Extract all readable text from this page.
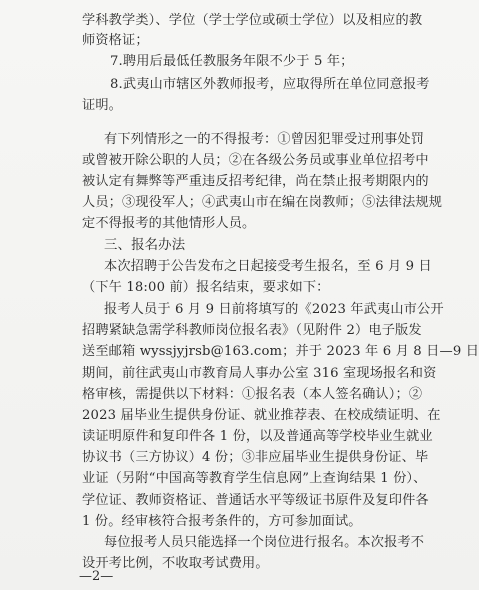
学科教学类）、学位（学士学位或硕士学位）以及相应的教
师资格证；
7.聘用后最低任教服务年限不少于 5 年；
8.武夷山市辖区外教师报考，应取得所在单位同意报考
证明。
有下列情形之一的不得报考：①曾因犯罪受过刑事处罚
或曾被开除公职的人员；②在各级公务员或事业单位招考中
被认定有舞弊等严重违反招考纪律，尚在禁止报考期限内的
人员；③现役军人；④武夷山市在编在岗教师；⑤法律法规规
定不得报考的其他情形人员。
三、报名办法
本次招聘于公告发布之日起接受考生报名，至 6 月 9 日
（下午 18:00 前）报名结束，要求如下：
报考人员于 6 月 9 日前将填写的《2023 年武夷山市公开
招聘紧缺急需学科教师岗位报名表》（见附件 2）电子版发
送至邮箱 wyssjyjrsb@163.com；并于 2023 年 6 月 8 日—9 日
期间，前往武夷山市教育局人事办公室 316 室现场报名和资
格审核，需提供以下材料：①报名表（本人签名确认）；②
2023 届毕业生提供身份证、就业推荐表、在校成绩证明、在
读证明原件和复印件各 1 份，以及普通高等学校毕业生就业
协议书（三方协议）4 份；③非应届毕业生提供身份证、毕
业证（另附“中国高等教育学生信息网”上查询结果 1 份）、
学位证、教师资格证、普通话水平等级证书原件及复印件各
1 份。经审核符合报考条件的，方可参加面试。
每位报考人员只能选择一个岗位进行报名。本次报考不
设开考比例，不收取考试费用。
—2—
